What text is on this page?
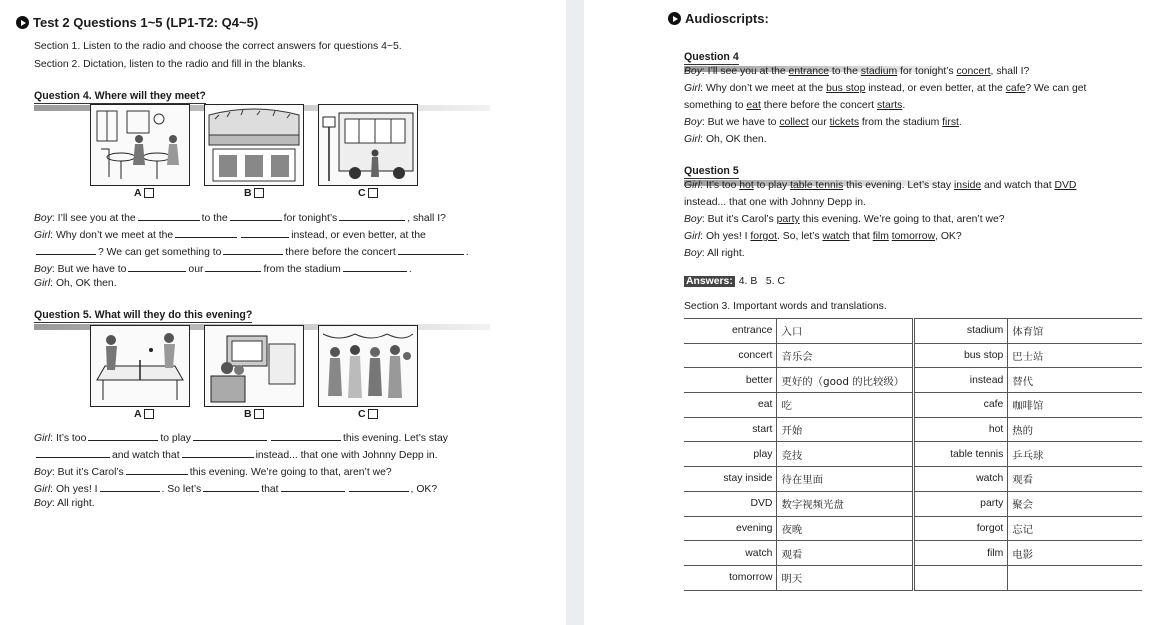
Test 2 Questions 1~5 (LP1-T2: Q4~5)
Section 1. Listen to the radio and choose the correct answers for questions 4~5.
Section 2. Dictation, listen to the radio and fill in the blanks.
Question 4. Where will they meet?
A	B	C
Boy : I’ll see you at the	to the	for tonight’s	, shall I?
Girl : Why don’t we meet at the	instead, or even better, at the
? We can get something to	there before the concert	.
Boy : But we have to	our	from the stadium	.
Girl : Oh, OK then.
Question 5. What will they do this evening?
A	B	C
Girl : It’s too	to play	this evening. Let’s stay
and watch that	instead... that one with Johnny Depp in.
Boy : But it’s Carol’s	this evening. We’re going to that, aren’t we?
Girl : Oh yes! I	. So let’s	that	, OK?
Boy : All right.
Audioscripts:
Question 4
Boy : I’ll see you at the entrance to the stadium for tonight’s concert , shall I?
Girl : Why don’t we meet at the bus stop instead, or even better, at the cafe ? We can get
something to eat there before the concert starts .
Boy : But we have to collect our tickets from the stadium first .
Girl : Oh, OK then.
Question 5
Girl : It’s too hot to play table tennis this evening. Let’s stay inside and watch that DVD
instead... that one with Johnny Depp in.
Boy : But it’s Carol’s party this evening. We’re going to that, aren’t we?
Girl : Oh yes! I forgot . So, let’s watch that film
tomorrow , OK?
Boy : All right.
Answers: 4. B   5. C
Section 3. Important words and translations.
entrance	入口		stadium	体育馆
concert	音乐会		bus stop	巴士站
better	更好的（good 的比较级）		instead	替代
eat	吃		cafe	咖啡馆
start	开始		hot	热的
play	竞技		table tennis	乒乓球
stay inside	待在里面		watch	观看
DVD	数字视频光盘		party	聚会
evening	夜晚		forgot	忘记
watch	观看		film	电影
tomorrow	明天			
